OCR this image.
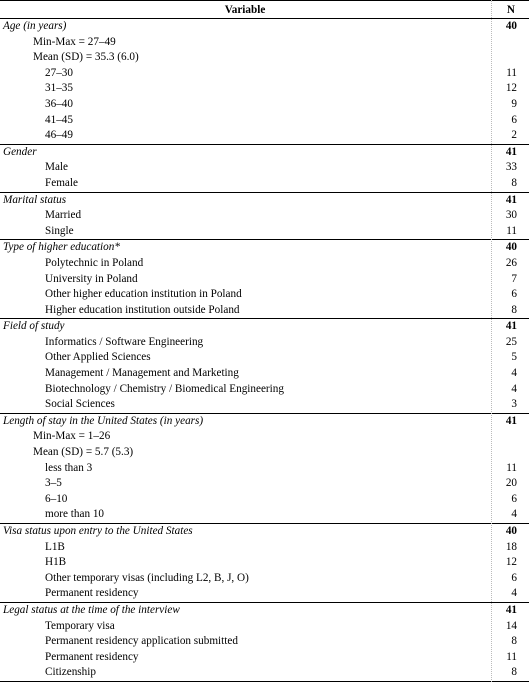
Variable	N
Age (in years)	40
Min-Max = 27–49
Mean (SD) = 35.3 (6.0)
27–30	11
31–35	12
36–40	9
41–45	6
46–49	2
Gender	41
Male	33
Female	8
Marital status	41
Married	30
Single	11
Type of higher education*	40
Polytechnic in Poland	26
University in Poland	7
Other higher education institution in Poland	6
Higher education institution outside Poland	8
Field of study	41
Informatics / Software Engineering	25
Other Applied Sciences	5
Management / Management and Marketing	4
Biotechnology / Chemistry / Biomedical Engineering	4
Social Sciences	3
Length of stay in the United States (in years)	41
Min-Max = 1–26
Mean (SD) = 5.7 (5.3)
less than 3	11
3–5	20
6–10	6
more than 10	4
Visa status upon entry to the United States	40
L1B	18
H1B	12
Other temporary visas (including L2, B, J, O)	6
Permanent residency	4
Legal status at the time of the interview	41
Temporary visa	14
Permanent residency application submitted	8
Permanent residency	11
Citizenship	8
